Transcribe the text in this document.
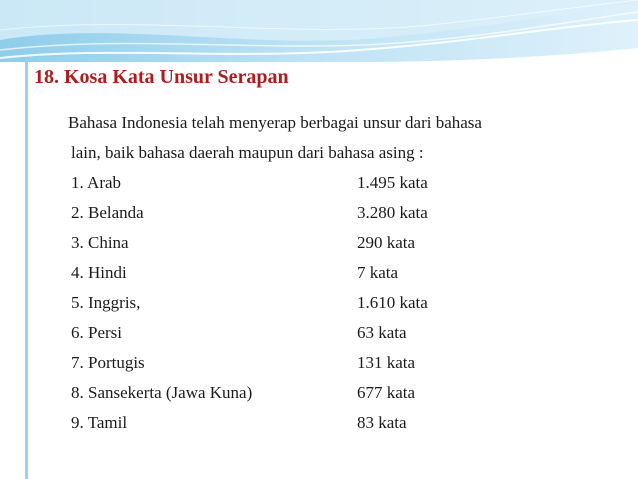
18. Kosa Kata Unsur Serapan
Bahasa Indonesia telah menyerap berbagai unsur dari bahasa
lain, baik bahasa daerah maupun dari bahasa asing :
1. Arab	1.495 kata
2. Belanda	3.280 kata
3. China	290 kata
4. Hindi	7 kata
5. Inggris,	1.610 kata
6. Persi	63 kata
7. Portugis	131 kata
8. Sansekerta (Jawa Kuna)	677 kata
9. Tamil	83 kata
